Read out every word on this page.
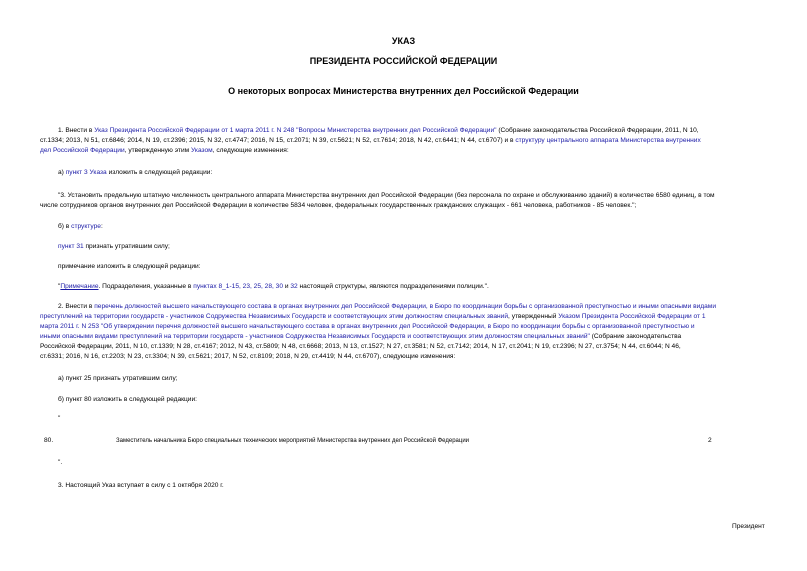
УКАЗ
ПРЕЗИДЕНТА РОССИЙСКОЙ ФЕДЕРАЦИИ
О некоторых вопросах Министерства внутренних дел Российской Федерации
1. Внести в Указ Президента Российской Федерации от 1 марта 2011 г. N 248 "Вопросы Министерства внутренних дел Российской Федерации" (Собрание законодательства Российской Федерации, 2011, N 10,
ст.1334; 2013, N 51, ст.6846; 2014, N 19, ст.2396; 2015, N 32, ст.4747; 2016, N 15, ст.2071; N 39, ст.5621; N 52, ст.7614; 2018, N 42, ст.6441; N 44, ст.6707) и в структуру центрального аппарата Министерства внутренних
дел Российской Федерации, утвержденную этим Указом, следующие изменения:
а) пункт 3 Указа изложить в следующей редакции:
"3. Установить предельную штатную численность центрального аппарата Министерства внутренних дел Российской Федерации (без персонала по охране и обслуживанию зданий) в количестве 6580 единиц, в том
числе сотрудников органов внутренних дел Российской Федерации в количестве 5834 человек, федеральных государственных гражданских служащих - 661 человека, работников - 85 человек.";
б) в структуре:
пункт 31 признать утратившим силу;
примечание изложить в следующей редакции:
"Примечание. Подразделения, указанные в пунктах 8_1-15, 23, 25, 28, 30 и 32 настоящей структуры, являются подразделениями полиции.".
2. Внести в перечень должностей высшего начальствующего состава в органах внутренних дел Российской Федерации, в Бюро по координации борьбы с организованной преступностью и иными опасными видами
преступлений на территории государств - участников Содружества Независимых Государств и соответствующих этим должностям специальных званий, утвержденный Указом Президента Российской Федерации от 1
марта 2011 г. N 253 "Об утверждении перечня должностей высшего начальствующего состава в органах внутренних дел Российской Федерации, в Бюро по координации борьбы с организованной преступностью и
иными опасными видами преступлений на территории государств - участников Содружества Независимых Государств и соответствующих этим должностям специальных званий" (Собрание законодательства
Российской Федерации, 2011, N 10, ст.1339; N 28, ст.4167; 2012, N 43, ст.5809; N 48, ст.6668; 2013, N 13, ст.1527; N 27, ст.3581; N 52, ст.7142; 2014, N 17, ст.2041; N 19, ст.2396; N 27, ст.3754; N 44, ст.6044; N 46,
ст.6331; 2016, N 16, ст.2203; N 23, ст.3304; N 39, ст.5621; 2017, N 52, ст.8109; 2018, N 29, ст.4419; N 44, ст.6707), следующие изменения:
а) пункт 25 признать утратившим силу;
б) пункт 80 изложить в следующей редакции:
"
80.	Заместитель начальника Бюро специальных технических мероприятий Министерства внутренних дел Российской Федерации	2
".
3. Настоящий Указ вступает в силу с 1 октября 2020 г.
Президент
